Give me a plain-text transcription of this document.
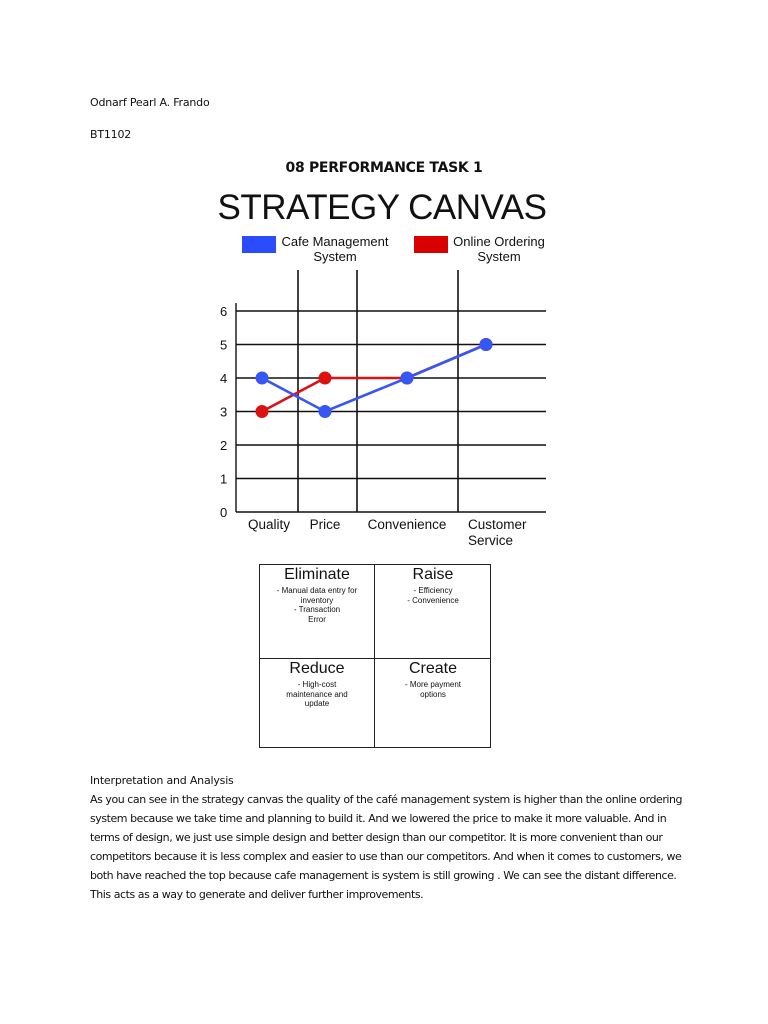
Odnarf Pearl A. Frando
BT1102
08 PERFORMANCE TASK 1
STRATEGY CANVAS
Cafe Management
System
Online Ordering
System
0
1
2
3
4
5
6
Quality Price Convenience Customer Service
Eliminate
- Manual data entry for
inventory
- Transaction
Error
Raise
- Efficiency
- Convenience
Reduce
- High-cost
maintenance and
update
Create
- More payment
options
Interpretation and Analysis
As you can see in the strategy canvas the quality of the café management system is higher than the online ordering system because we take time and planning to build it. And we lowered the price to make it more valuable. And in terms of design, we just use simple design and better design than our competitor. It is more convenient than our competitors because it is less complex and easier to use than our competitors. And when it comes to customers, we both have reached the top because cafe management is system is still growing . We can see the distant difference. This acts as a way to generate and deliver further improvements.
